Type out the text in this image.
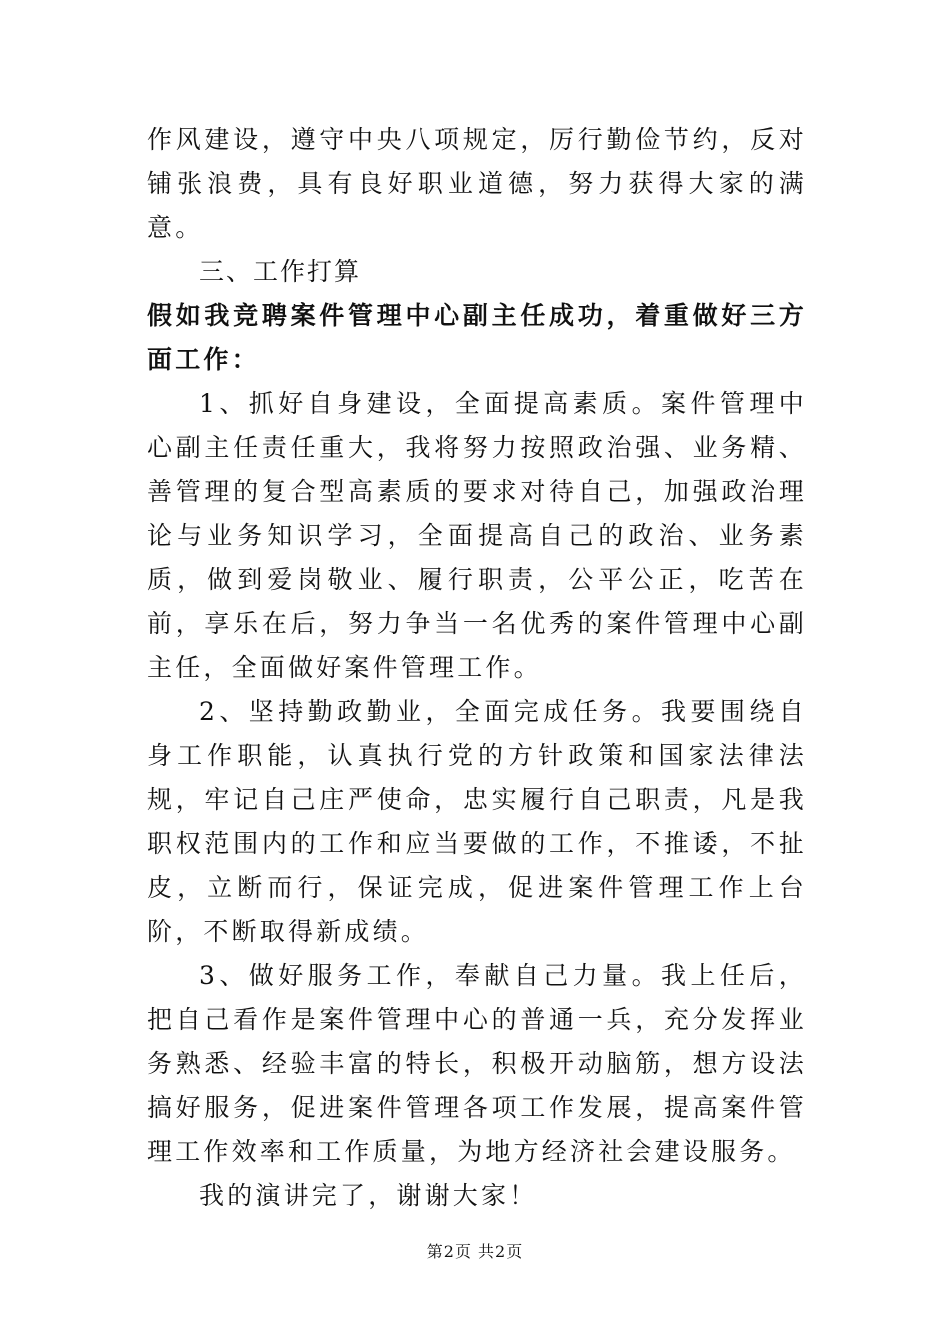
作风建设，遵守中央八项规定，厉行勤俭节约，反对铺张浪费，具有良好职业道德，努力获得大家的满意。

三、工作打算

假如我竞聘案件管理中心副主任成功，着重做好三方面工作：

1、抓好自身建设，全面提高素质。案件管理中心副主任责任重大，我将努力按照政治强、业务精、善管理的复合型高素质的要求对待自己，加强政治理论与业务知识学习，全面提高自己的政治、业务素质，做到爱岗敬业、履行职责，公平公正，吃苦在前，享乐在后，努力争当一名优秀的案件管理中心副主任，全面做好案件管理工作。

2、坚持勤政勤业，全面完成任务。我要围绕自身工作职能，认真执行党的方针政策和国家法律法规，牢记自己庄严使命，忠实履行自己职责，凡是我职权范围内的工作和应当要做的工作，不推诿，不扯皮，立断而行，保证完成，促进案件管理工作上台阶，不断取得新成绩。

3、做好服务工作，奉献自己力量。我上任后，把自己看作是案件管理中心的普通一兵，充分发挥业务熟悉、经验丰富的特长，积极开动脑筋，想方设法搞好服务，促进案件管理各项工作发展，提高案件管理工作效率和工作质量，为地方经济社会建设服务。

我的演讲完了，谢谢大家！

第2页 共2页
